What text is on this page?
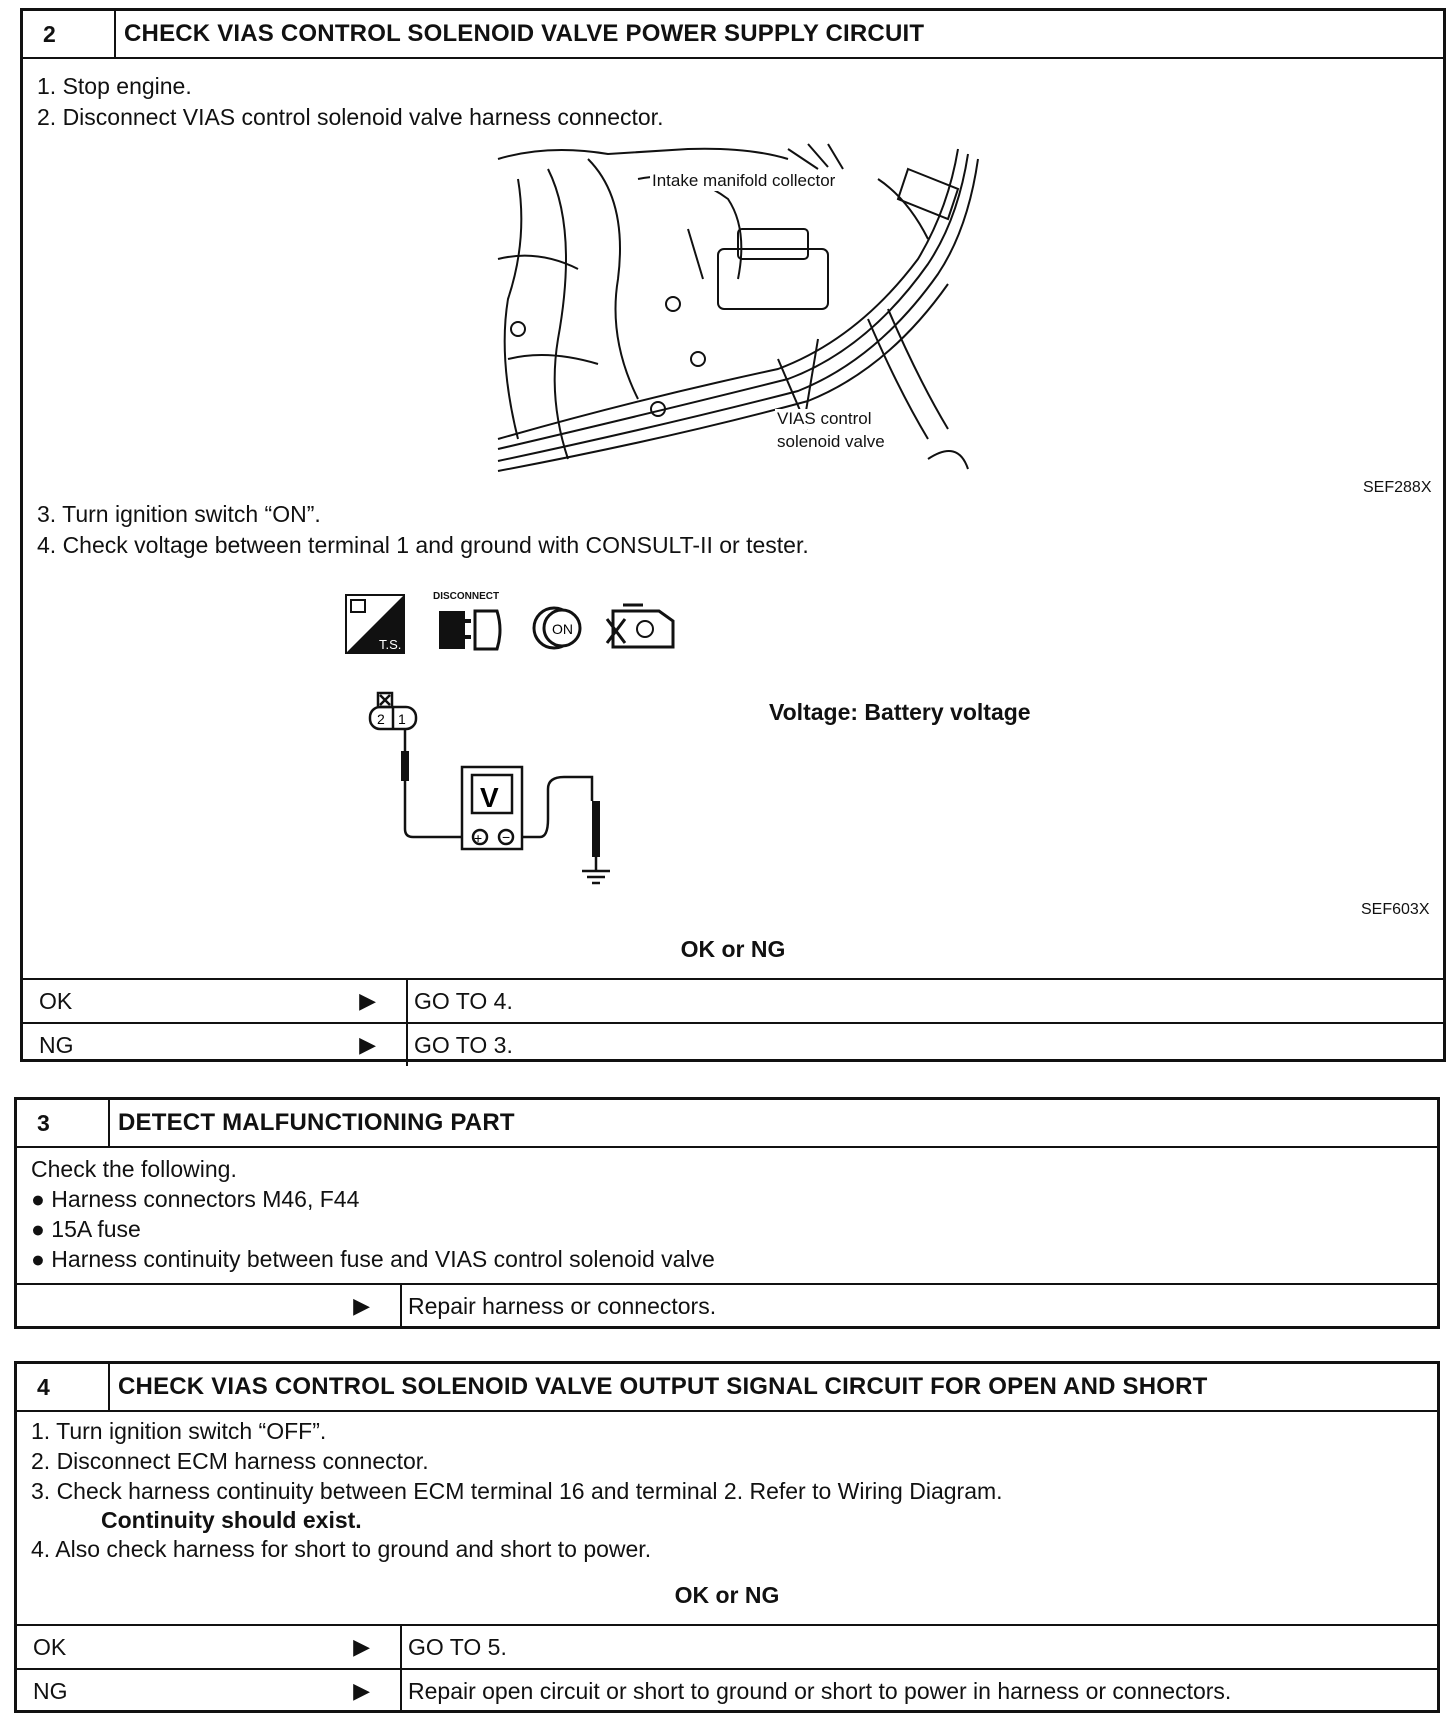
2	CHECK VIAS CONTROL SOLENOID VALVE POWER SUPPLY CIRCUIT
1. Stop engine.
2. Disconnect VIAS control solenoid valve harness connector.
Intake manifold collector
VIAS control
solenoid valve
SEF288X
3. Turn ignition switch “ON”.
4. Check voltage between terminal 1 and ground with CONSULT-II or tester.
T.S.
DISCONNECT
ON
2 1
V
+ −
Voltage: Battery voltage
SEF603X
OK or NG
OK	▶ GO TO 4.
NG	▶ GO TO 3.
3	DETECT MALFUNCTIONING PART
Check the following.
● Harness connectors M46, F44
● 15A fuse
● Harness continuity between fuse and VIAS control solenoid valve
▶ Repair harness or connectors.
4	CHECK VIAS CONTROL SOLENOID VALVE OUTPUT SIGNAL CIRCUIT FOR OPEN AND SHORT
1. Turn ignition switch “OFF”.
2. Disconnect ECM harness connector.
3. Check harness continuity between ECM terminal 16 and terminal 2. Refer to Wiring Diagram.
Continuity should exist.
4. Also check harness for short to ground and short to power.
OK or NG
OK	▶ GO TO 5.
NG	▶ Repair open circuit or short to ground or short to power in harness or connectors.
